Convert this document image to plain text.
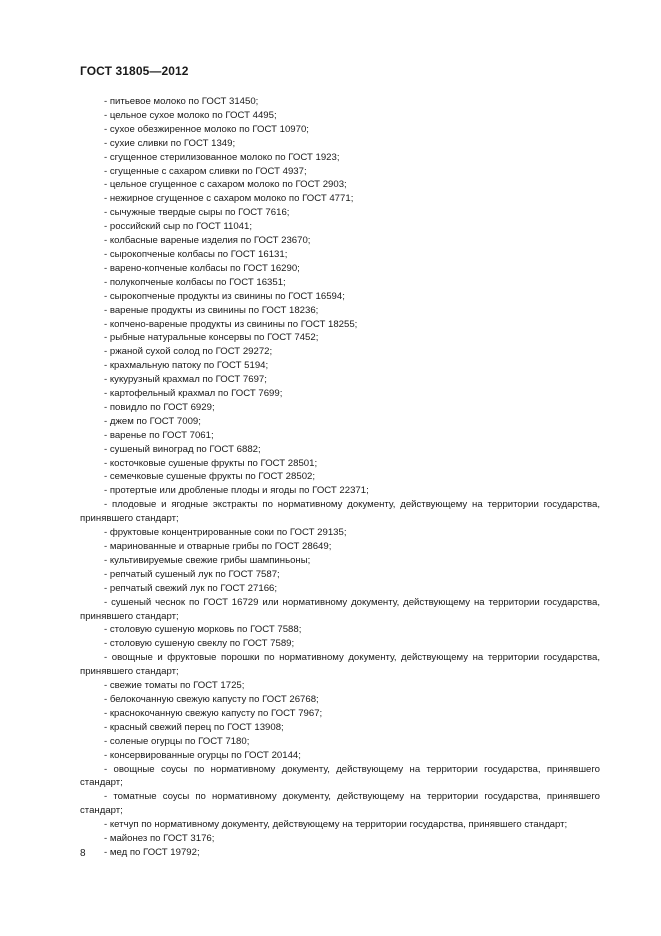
ГОСТ 31805—2012

- питьевое молоко по ГОСТ 31450;

- цельное сухое молоко по ГОСТ 4495;

- сухое обезжиренное молоко по ГОСТ 10970;

- сухие сливки по ГОСТ 1349;

- сгущенное стерилизованное молоко по ГОСТ 1923;

- сгущенные с сахаром сливки по ГОСТ 4937;

- цельное сгущенное с сахаром молоко по ГОСТ 2903;

- нежирное сгущенное с сахаром молоко по ГОСТ 4771;

- сычужные твердые сыры по ГОСТ 7616;

- российский сыр по ГОСТ 11041;

- колбасные вареные изделия по ГОСТ 23670;

- сырокопченые колбасы по ГОСТ 16131;

- варено-копченые колбасы по ГОСТ 16290;

- полукопченые колбасы по ГОСТ 16351;

- сырокопченые продукты из свинины по ГОСТ 16594;

- вареные продукты из свинины по ГОСТ 18236;

- копчено-вареные продукты из свинины по ГОСТ 18255;

- рыбные натуральные консервы по ГОСТ 7452;

- ржаной сухой солод по ГОСТ 29272;

- крахмальную патоку по ГОСТ 5194;

- кукурузный крахмал по ГОСТ 7697;

- картофельный крахмал по ГОСТ 7699;

- повидло по ГОСТ 6929;

- джем по ГОСТ 7009;

- варенье по ГОСТ 7061;

- сушеный виноград по ГОСТ 6882;

- косточковые сушеные фрукты по ГОСТ 28501;

- семечковые сушеные фрукты по ГОСТ 28502;

- протертые или дробленые плоды и ягоды по ГОСТ 22371;

- плодовые и ягодные экстракты по нормативному документу, действующему на территории государства, принявшего стандарт;

- фруктовые концентрированные соки по ГОСТ 29135;

- маринованные и отварные грибы по ГОСТ 28649;

- культивируемые свежие грибы шампиньоны;

- репчатый сушеный лук по ГОСТ 7587;

- репчатый свежий лук по ГОСТ 27166;

- сушеный чеснок по ГОСТ 16729 или нормативному документу, действующему на территории государства, принявшего стандарт;

- столовую сушеную морковь по ГОСТ 7588;

- столовую сушеную свеклу по ГОСТ 7589;

- овощные и фруктовые порошки по нормативному документу, действующему на территории государства, принявшего стандарт;

- свежие томаты по ГОСТ 1725;

- белокочанную свежую капусту по ГОСТ 26768;

- краснокочанную свежую капусту по ГОСТ 7967;

- красный свежий перец по ГОСТ 13908;

- соленые огурцы по ГОСТ 7180;

- консервированные огурцы по ГОСТ 20144;

- овощные соусы по нормативному документу, действующему на территории государства, принявшего стандарт;

- томатные соусы по нормативному документу, действующему на территории государства, принявшего стандарт;

- кетчуп по нормативному документу, действующему на территории государства, принявшего стандарт;

- майонез по ГОСТ 3176;

- мед по ГОСТ 19792;

8
